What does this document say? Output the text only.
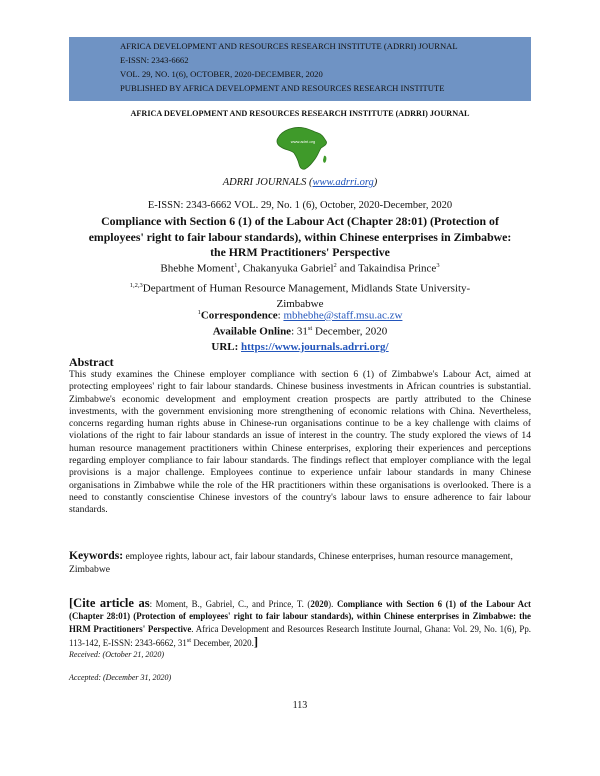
AFRICA DEVELOPMENT AND RESOURCES RESEARCH INSTITUTE (ADRRI) JOURNAL
E-ISSN: 2343-6662
VOL. 29, NO. 1(6), OCTOBER, 2020-DECEMBER, 2020
PUBLISHED BY AFRICA DEVELOPMENT AND RESOURCES RESEARCH INSTITUTE
AFRICA DEVELOPMENT AND RESOURCES RESEARCH INSTITUTE (ADRRI) JOURNAL
www.adrri.org
ADRRI JOURNALS (www.adrri.org)
E-ISSN: 2343-6662 VOL. 29, No. 1 (6), October, 2020-December, 2020
Compliance with Section 6 (1) of the Labour Act (Chapter 28:01) (Protection of
employees' right to fair labour standards), within Chinese enterprises in Zimbabwe:
the HRM Practitioners' Perspective
Bhebhe Moment$^1$, Chakanyuka Gabriel$^2$ and Takaindisa Prince$^3$
$^{1,2,3}$Department of Human Resource Management, Midlands State University-
Zimbabwe
$^1$Correspondence: mbhebhe@staff.msu.ac.zw
Available Online: 31st December, 2020
URL: https://www.journals.adrri.org/
Abstract
This study examines the Chinese employer compliance with section 6 (1) of Zimbabwe's Labour Act, aimed at protecting employees' right to fair labour standards. Chinese business investments in African countries is substantial. Zimbabwe's economic development and employment creation prospects are partly attributed to the Chinese investments, with the government envisioning more strengthening of economic relations with China. Nevertheless, concerns regarding human rights abuse in Chinese-run organisations continue to be a key challenge with claims of violations of the right to fair labour standards an issue of interest in the country. The study explored the views of 14 human resource management practitioners within Chinese enterprises, exploring their experiences and perceptions regarding employer compliance to fair labour standards. The findings reflect that employer compliance with the legal provisions is a major challenge. Employees continue to experience unfair labour standards in many Chinese organisations in Zimbabwe while the role of the HR practitioners within these organisations is overlooked. There is a need to constantly conscientise Chinese investors of the country's labour laws to ensure adherence to fair labour standards.
Keywords: employee rights, labour act, fair labour standards, Chinese enterprises, human resource management, Zimbabwe
[Cite article as: Moment, B., Gabriel, C., and Prince, T. (2020). Compliance with Section 6 (1) of the Labour Act (Chapter 28:01) (Protection of employees' right to fair labour standards), within Chinese enterprises in Zimbabwe: the HRM Practitioners' Perspective. Africa Development and Resources Research Institute Journal, Ghana: Vol. 29, No. 1(6), Pp. 113-142, E-ISSN: 2343-6662, 31st December, 2020.]
Received: (October 21, 2020)
Accepted: (December 31, 2020)
113
